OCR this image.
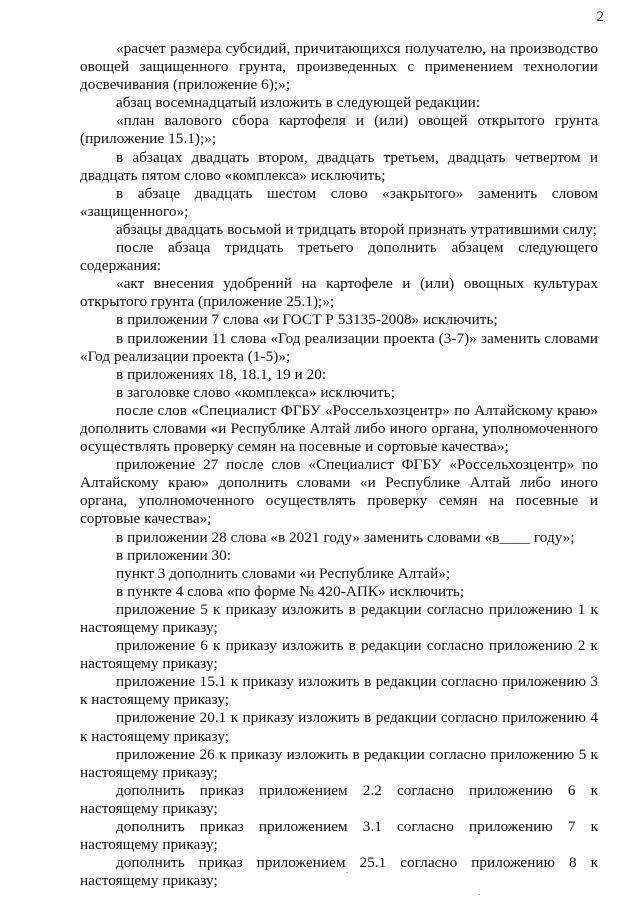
2

«расчет размера субсидий, причитающихся получателю, на производство овощей защищенного грунта, произведенных с применением технологии досвечивания (приложение 6);»;

абзац восемнадцатый изложить в следующей редакции:

«план валового сбора картофеля и (или) овощей открытого грунта (приложение 15.1);»;

в абзацах двадцать втором, двадцать третьем, двадцать четвертом и двадцать пятом слово «комплекса» исключить;

в абзаце двадцать шестом слово «закрытого» заменить словом «защищенного»;

абзацы двадцать восьмой и тридцать второй признать утратившими силу;

после абзаца тридцать третьего дополнить абзацем следующего содержания:

«акт внесения удобрений на картофеле и (или) овощных культурах открытого грунта (приложение 25.1);»;

в приложении 7 слова «и ГОСТ Р 53135-2008» исключить;

в приложении 11 слова «Год реализации проекта (3-7)» заменить словами «Год реализации проекта (1-5)»;

в приложениях 18, 18.1, 19 и 20:

в заголовке слово «комплекса» исключить;

после слов «Специалист ФГБУ «Россельхозцентр» по Алтайскому краю» дополнить словами «и Республике Алтай либо иного органа, уполномоченного осуществлять проверку семян на посевные и сортовые качества»;

приложение 27 после слов «Специалист ФГБУ «Россельхозцентр» по Алтайскому краю» дополнить словами «и Республике Алтай либо иного органа, уполномоченного осуществлять проверку семян на посевные и сортовые качества»;

в приложении 28 слова «в 2021 году» заменить словами «в____ году»;

в приложении 30:

пункт 3 дополнить словами «и Республике Алтай»;

в пункте 4 слова «по форме № 420-АПК» исключить;

приложение 5 к приказу изложить в редакции согласно приложению 1 к настоящему приказу;

приложение 6 к приказу изложить в редакции согласно приложению 2 к настоящему приказу;

приложение 15.1 к приказу изложить в редакции согласно приложению 3 к настоящему приказу;

приложение 20.1 к приказу изложить в редакции согласно приложению 4 к настоящему приказу;

приложение 26 к приказу изложить в редакции согласно приложению 5 к настоящему приказу;

дополнить приказ приложением 2.2 согласно приложению 6 к настоящему приказу;

дополнить приказ приложением 3.1 согласно приложению 7 к настоящему приказу;

дополнить приказ приложением 25.1 согласно приложению 8 к настоящему приказу;
